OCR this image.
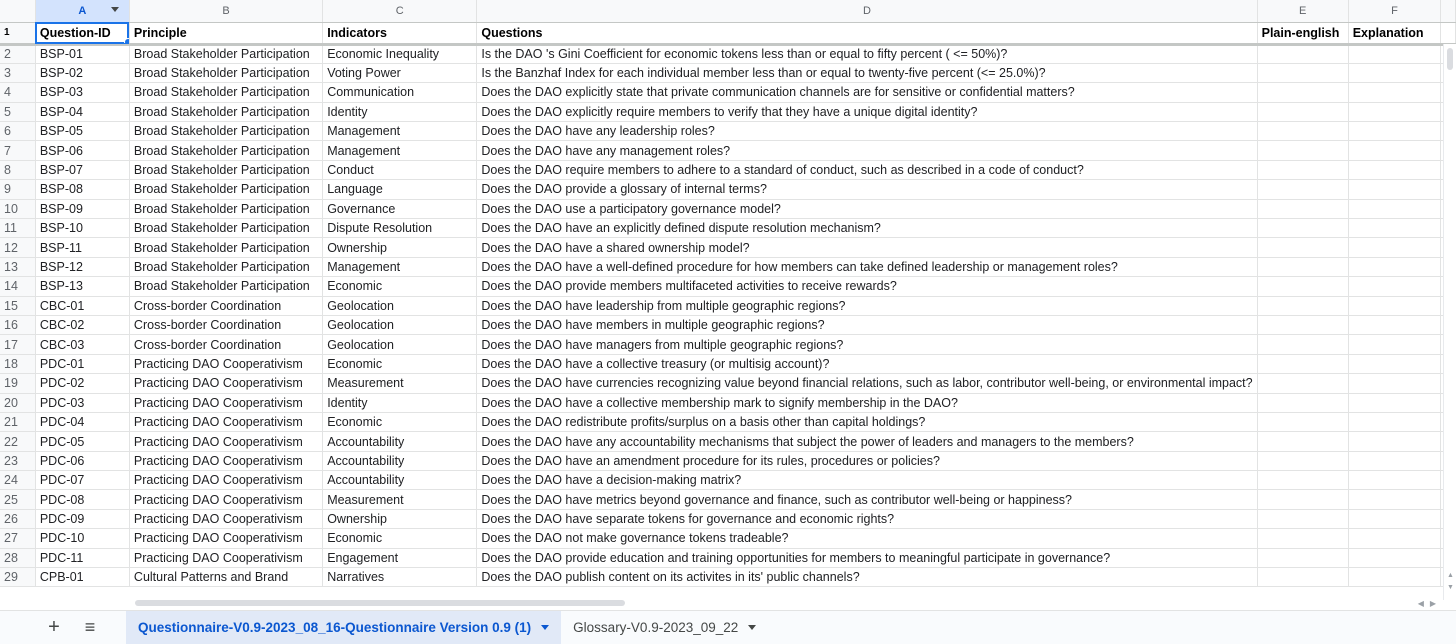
	A	B	C	D	E	F	
1	Question-ID	Principle	Indicators	Questions	Plain-english	Explanation	
2	BSP-01	Broad Stakeholder Participation	Economic Inequality	Is the DAO 's Gini Coefficient for economic tokens less than or equal to fifty percent ( <= 50%)?			
3	BSP-02	Broad Stakeholder Participation	Voting Power	Is the Banzhaf Index for each individual member less than or equal to twenty-five percent (<= 25.0%)?			
4	BSP-03	Broad Stakeholder Participation	Communication	Does the DAO explicitly state that private communication channels are for sensitive or confidential matters?			
5	BSP-04	Broad Stakeholder Participation	Identity	Does the DAO explicitly require members to verify that they have a unique digital identity?			
6	BSP-05	Broad Stakeholder Participation	Management	Does the DAO have any leadership roles?			
7	BSP-06	Broad Stakeholder Participation	Management	Does the DAO have any management roles?			
8	BSP-07	Broad Stakeholder Participation	Conduct	Does the DAO require members to adhere to a standard of conduct, such as described in a code of conduct?			
9	BSP-08	Broad Stakeholder Participation	Language	Does the DAO provide a glossary of internal terms?			
10	BSP-09	Broad Stakeholder Participation	Governance	Does the DAO use a participatory governance model?			
11	BSP-10	Broad Stakeholder Participation	Dispute Resolution	Does the DAO have an explicitly defined dispute resolution mechanism?			
12	BSP-11	Broad Stakeholder Participation	Ownership	Does the DAO have a shared ownership model?			
13	BSP-12	Broad Stakeholder Participation	Management	Does the DAO have a well-defined procedure for how members can take defined leadership or management roles?			
14	BSP-13	Broad Stakeholder Participation	Economic	Does the DAO provide members multifaceted activities to receive rewards?			
15	CBC-01	Cross-border Coordination	Geolocation	Does the DAO have leadership from multiple geographic regions?			
16	CBC-02	Cross-border Coordination	Geolocation	Does the DAO have members in multiple geographic regions?			
17	CBC-03	Cross-border Coordination	Geolocation	Does the DAO have managers from multiple geographic regions?			
18	PDC-01	Practicing DAO Cooperativism	Economic	Does the DAO have a collective treasury (or multisig account)?			
19	PDC-02	Practicing DAO Cooperativism	Measurement	Does the DAO have currencies recognizing value beyond financial relations, such as labor, contributor well-being, or environmental impact?			
20	PDC-03	Practicing DAO Cooperativism	Identity	Does the DAO have a collective membership mark to signify membership in the DAO?			
21	PDC-04	Practicing DAO Cooperativism	Economic	Does the DAO redistribute profits/surplus on a basis other than capital holdings?			
22	PDC-05	Practicing DAO Cooperativism	Accountability	Does the DAO have any accountability mechanisms that subject the power of leaders and managers to the members?			
23	PDC-06	Practicing DAO Cooperativism	Accountability	Does the DAO have an amendment procedure for its rules, procedures or policies?			
24	PDC-07	Practicing DAO Cooperativism	Accountability	Does the DAO have a decision-making matrix?			
25	PDC-08	Practicing DAO Cooperativism	Measurement	Does the DAO have metrics beyond governance and finance, such as contributor well-being or happiness?			
26	PDC-09	Practicing DAO Cooperativism	Ownership	Does the DAO have separate tokens for governance and economic rights?			
27	PDC-10	Practicing DAO Cooperativism	Economic	Does the DAO not make governance tokens tradeable?			
28	PDC-11	Practicing DAO Cooperativism	Engagement	Does the DAO provide education and training opportunities for members to meaningful participate in governance?			
29	CPB-01	Cultural Patterns and Brand	Narratives	Does the DAO publish content on its activites in its' public channels?				▲
▼
◀▶
+ ≡	Questionnaire-V0.9-2023_08_16-Questionnaire Version 0.9 (1)	Glossary-V0.9-2023_09_22
